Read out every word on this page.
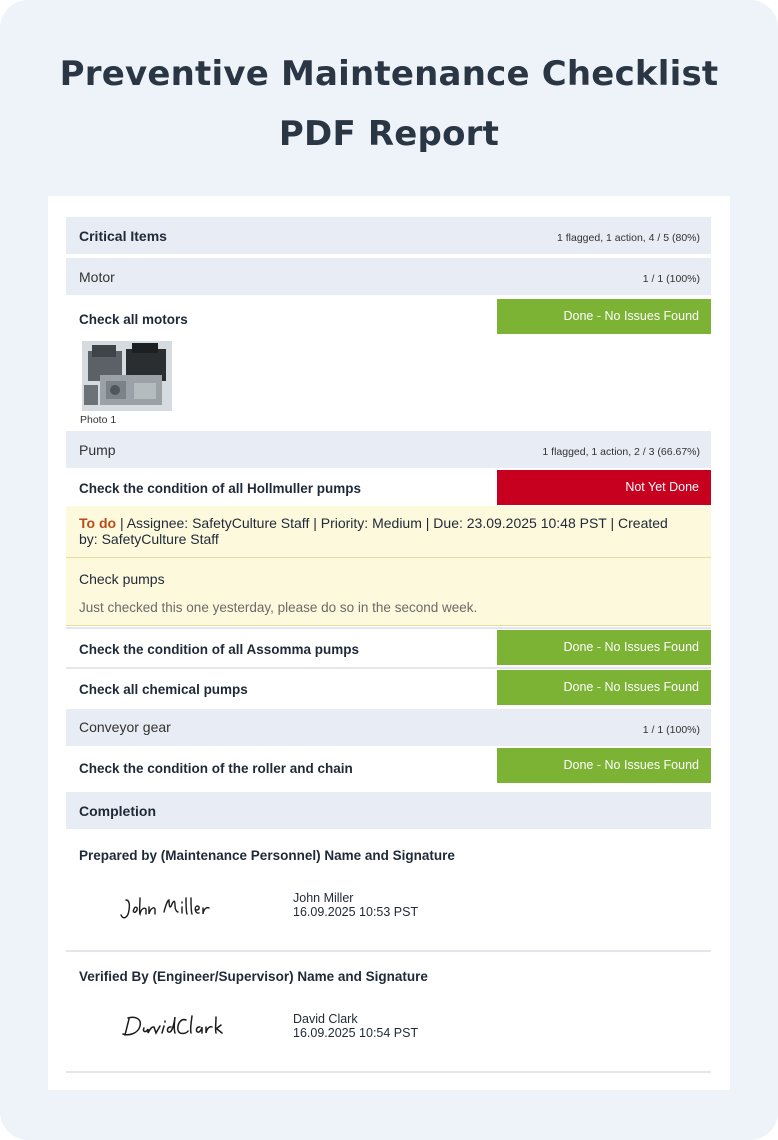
Preventive Maintenance Checklist
PDF Report
Critical Items	1 flagged, 1 action, 4 / 5 (80%)
Motor	1 / 1 (100%)
Check all motors	Done - No Issues Found
Photo 1
Pump	1 flagged, 1 action, 2 / 3 (66.67%)
Check the condition of all Hollmuller pumps	Not Yet Done
To do | Assignee: SafetyCulture Staff | Priority: Medium | Due: 23.09.2025 10:48 PST | Created by: SafetyCulture Staff
Check pumps
Just checked this one yesterday, please do so in the second week.
Check the condition of all Assomma pumps	Done - No Issues Found
Check all chemical pumps	Done - No Issues Found
Conveyor gear	1 / 1 (100%)
Check the condition of the roller and chain	Done - No Issues Found
Completion
Prepared by (Maintenance Personnel) Name and Signature
John Miller
16.09.2025 10:53 PST
Verified By (Engineer/Supervisor) Name and Signature
David Clark
16.09.2025 10:54 PST
